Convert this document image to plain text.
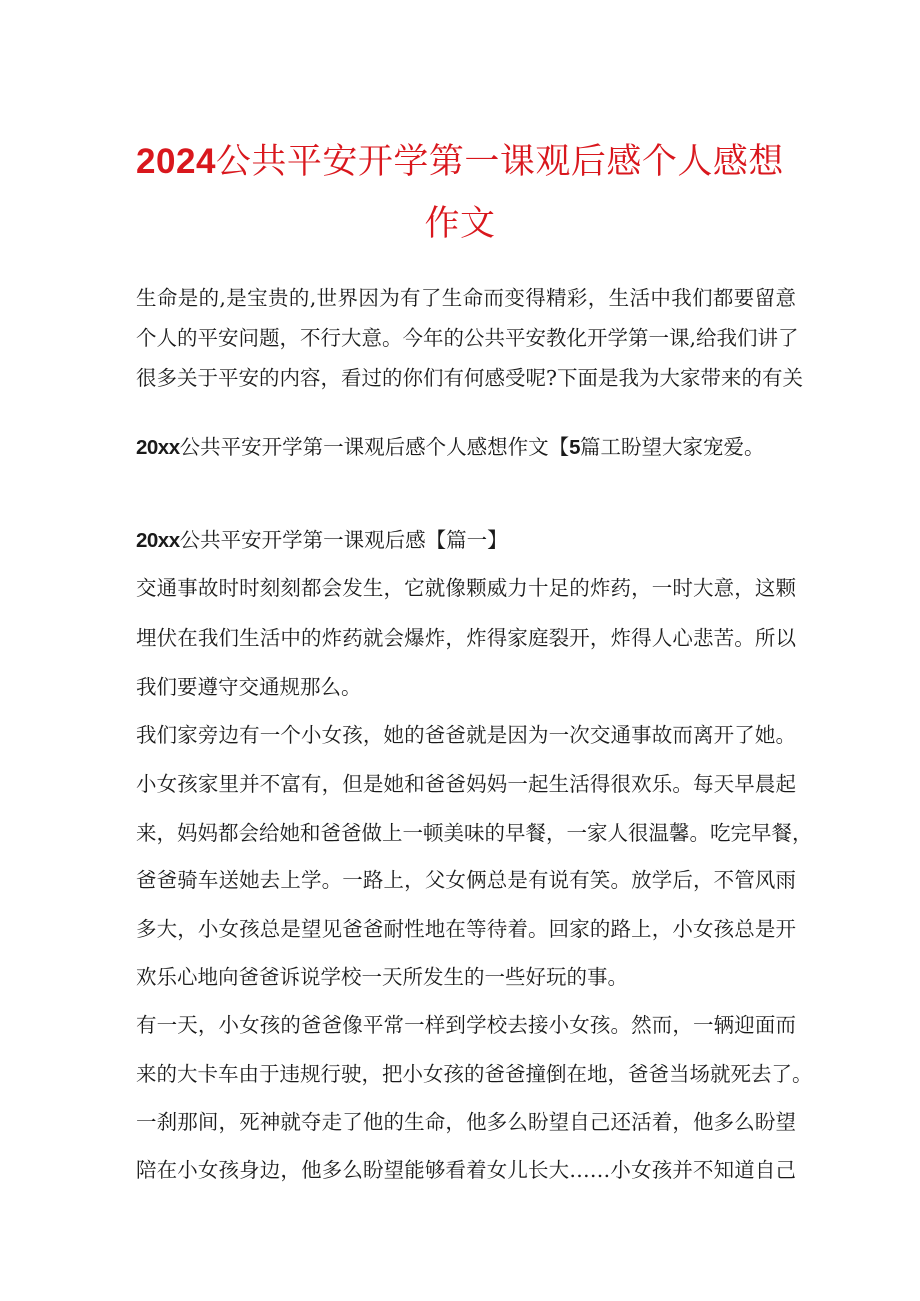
2024公共平安开学第一课观后感个人感想
作文
生命是的,是宝贵的,世界因为有了生命而变得精彩，生活中我们都要留意
个人的平安问题，不行大意。今年的公共平安教化开学第一课,给我们讲了
很多关于平安的内容，看过的你们有何感受呢?下面是我为大家带来的有关
20xx公共平安开学第一课观后感个人感想作文【5篇工盼望大家宠爱。
20xx公共平安开学第一课观后感【篇一】
交通事故时时刻刻都会发生，它就像颗威力十足的炸药，一时大意，这颗
埋伏在我们生活中的炸药就会爆炸，炸得家庭裂开，炸得人心悲苦。所以
我们要遵守交通规那么。
我们家旁边有一个小女孩，她的爸爸就是因为一次交通事故而离开了她。
小女孩家里并不富有，但是她和爸爸妈妈一起生活得很欢乐。每天早晨起
来，妈妈都会给她和爸爸做上一顿美味的早餐，一家人很温馨。吃完早餐，
爸爸骑车送她去上学。一路上，父女俩总是有说有笑。放学后，不管风雨
多大，小女孩总是望见爸爸耐性地在等待着。回家的路上，小女孩总是开
欢乐心地向爸爸诉说学校一天所发生的一些好玩的事。
有一天，小女孩的爸爸像平常一样到学校去接小女孩。然而，一辆迎面而
来的大卡车由于违规行驶，把小女孩的爸爸撞倒在地，爸爸当场就死去了。
一刹那间，死神就夺走了他的生命，他多么盼望自己还活着，他多么盼望
陪在小女孩身边，他多么盼望能够看着女儿长大……小女孩并不知道自己
